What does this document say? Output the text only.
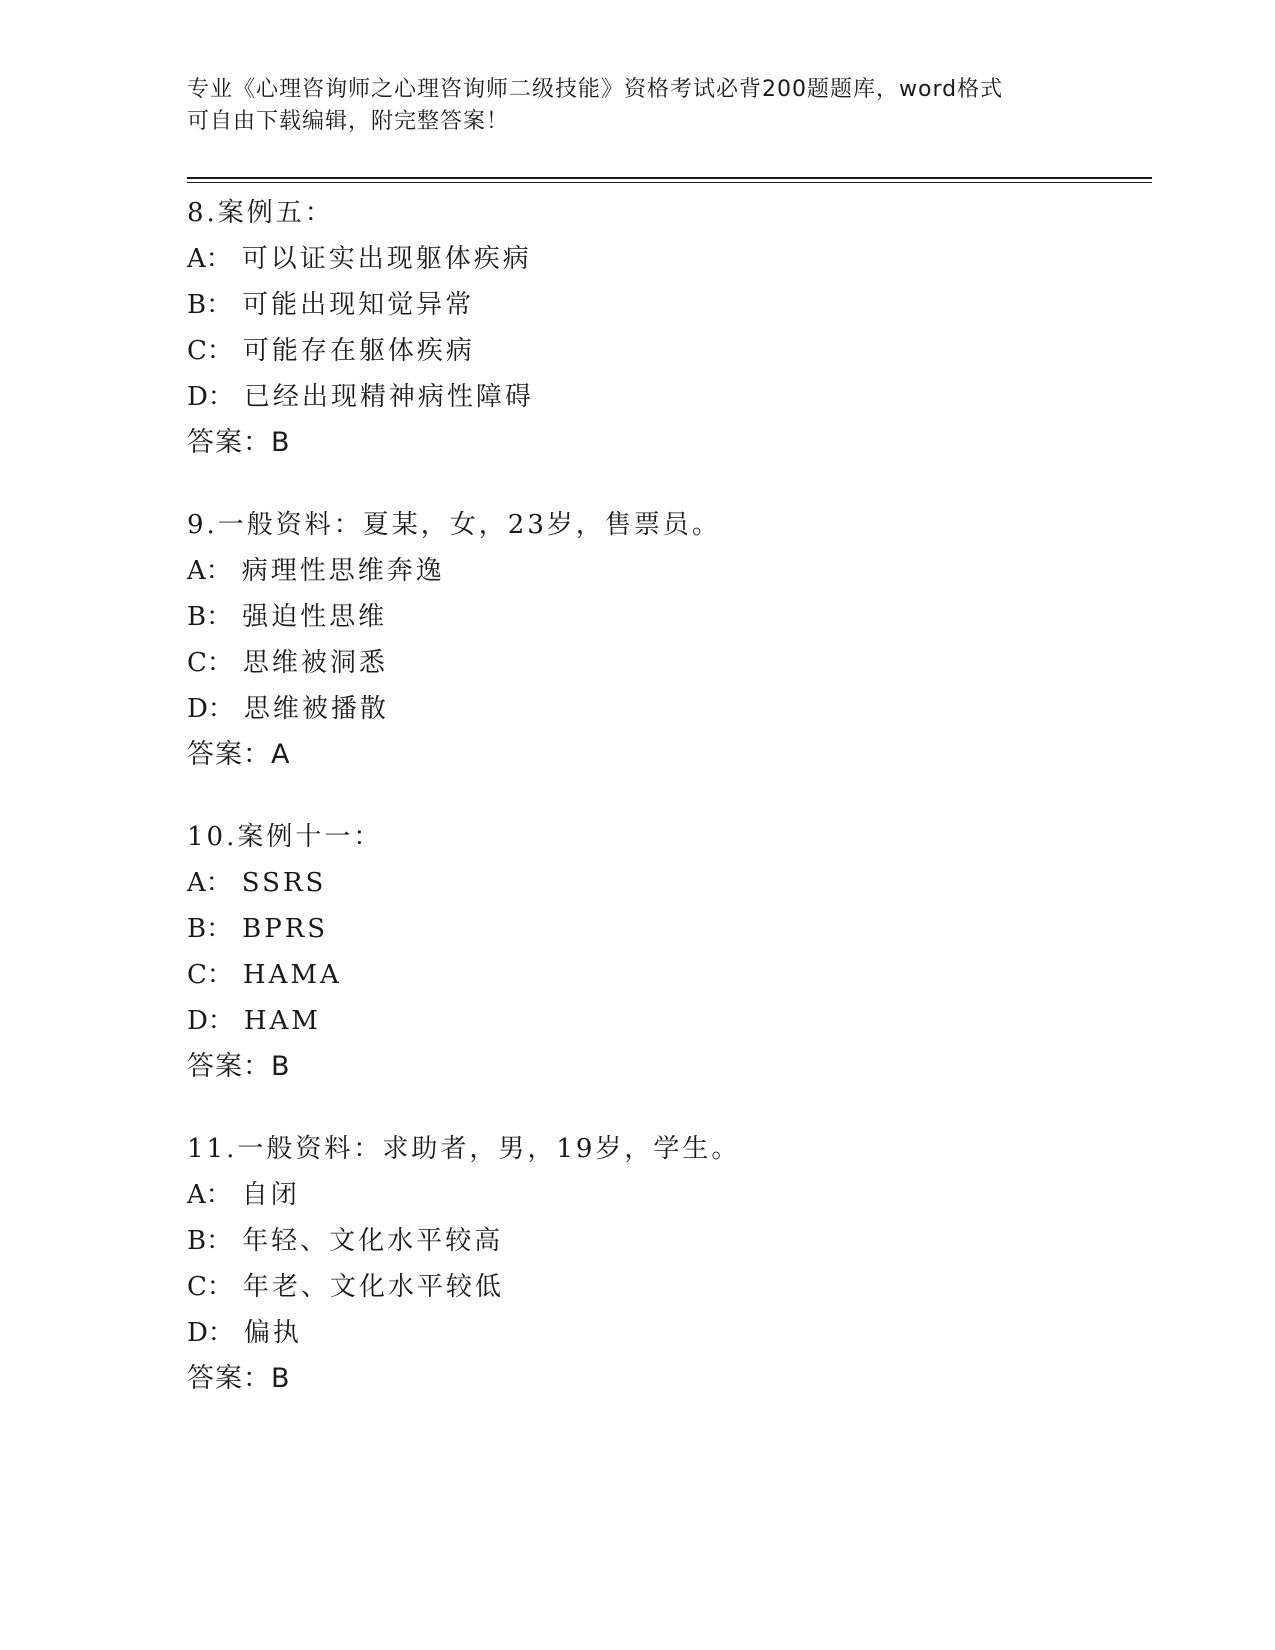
专业《心理咨询师之心理咨询师二级技能》资格考试必背200题题库，word格式
可自由下载编辑，附完整答案！
8.案例五：
A： 可以证实出现躯体疾病
B： 可能出现知觉异常
C： 可能存在躯体疾病
D： 已经出现精神病性障碍
答案：B
9.一般资料：夏某，女，23岁，售票员。
A： 病理性思维奔逸
B： 强迫性思维
C： 思维被洞悉
D： 思维被播散
答案：A
10.案例十一：
A： SSRS
B： BPRS
C： HAMA
D： HAM
答案：B
11.一般资料：求助者，男，19岁，学生。
A： 自闭
B： 年轻、文化水平较高
C： 年老、文化水平较低
D： 偏执
答案：B
